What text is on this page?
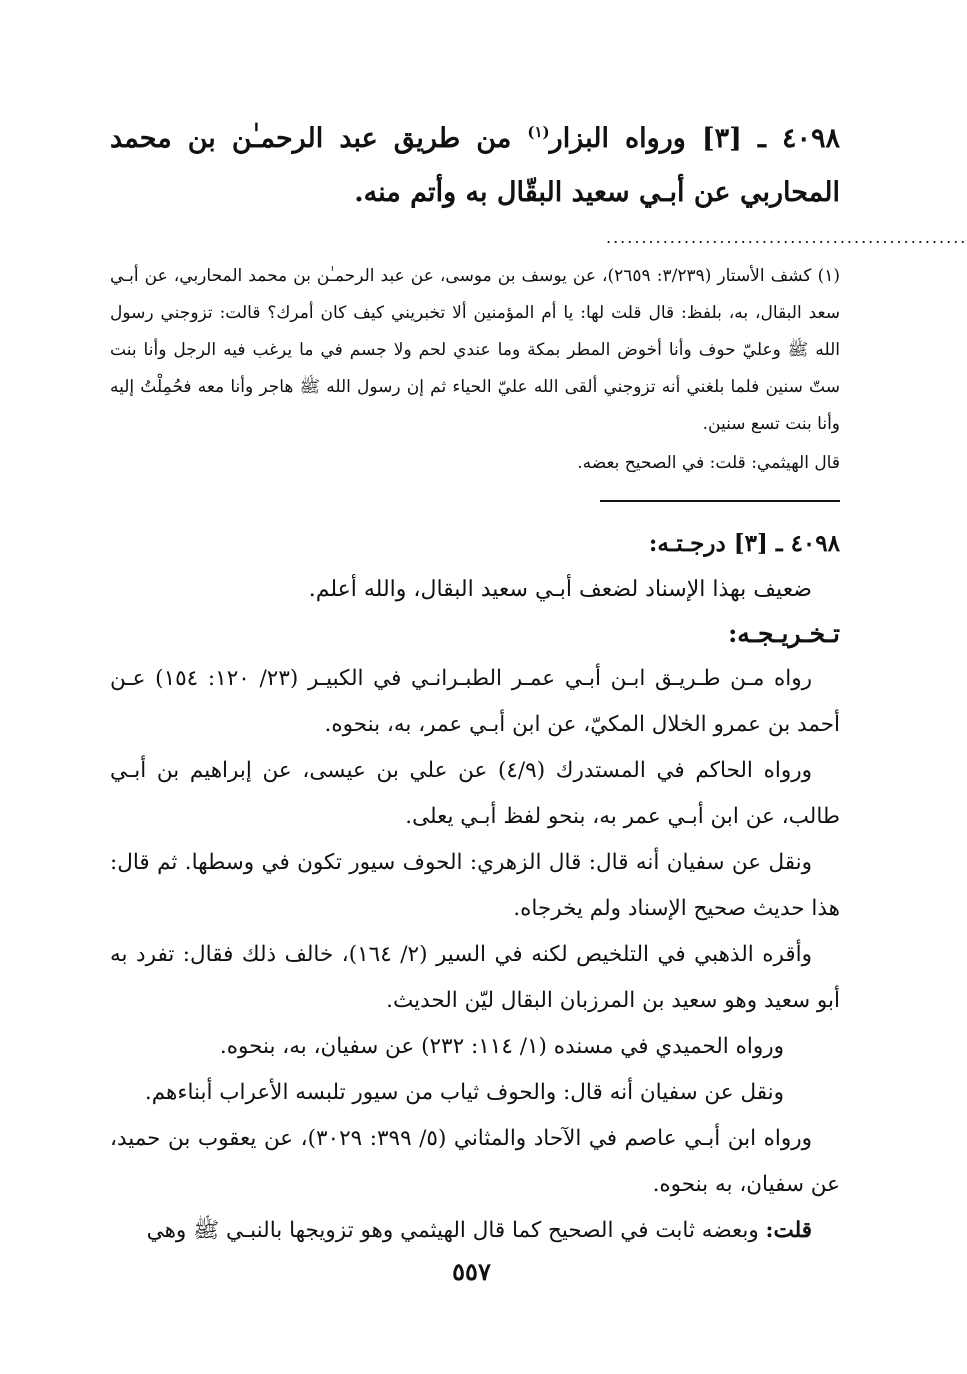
٤٠٩٨ ـ [٣] ورواه البزار$^{(١)}$ من طريق عبد الرحمـٰن بن محمد المحاربي عن أبـي سعيد البقّال به وأتم منه.
...................................................
(١) كشف الأستار (٣/٢٣٩: ٢٦٥٩)، عن يوسف بن موسى، عن عبد الرحمـٰن بن محمد المحاربي، عن أبـي سعد البقال، به، بلفظ: قال قلت لها: يا أم المؤمنين ألا تخبريني كيف كان أمرك؟ قالت: تزوجني رسول الله ﷺ وعليّ حوف وأنا أخوض المطر بمكة وما عندي لحم ولا جسم في ما يرغب فيه الرجل وأنا بنت ستّ سنين فلما بلغني أنه تزوجني ألقى الله عليّ الحياء ثم إن رسول الله ﷺ هاجر وأنا معه فحُمِلْتُ إليه وأنا بنت تسع سنين.
قال الهيثمي: قلت: في الصحيح بعضه.
٤٠٩٨ ـ [٣] درجـتـه:

ضعيف بهذا الإسناد لضعف أبـي سعيد البقال، والله أعلم.

تـخـريـجـه:

رواه مـن طـريـق ابـن أبـي عمـر الطبـرانـي في الكبيـر (٢٣/ ١٢٠: ١٥٤) عـن أحمد بن عمرو الخلال المكيّ، عن ابن أبـي عمر، به، بنحوه.

ورواه الحاكم في المستدرك (٤/٩) عن علي بن عيسى، عن إبراهيم بن أبـي طالب، عن ابن أبـي عمر به، بنحو لفظ أبـي يعلى.

ونقل عن سفيان أنه قال: قال الزهري: الحوف سيور تكون في وسطها. ثم قال: هذا حديث صحيح الإسناد ولم يخرجاه.

وأقره الذهبي في التلخيص لكنه في السير (٢/ ١٦٤)، خالف ذلك فقال: تفرد به أبو سعيد وهو سعيد بن المرزبان البقال ليّن الحديث.

ورواه الحميدي في مسنده (١/ ١١٤: ٢٣٢) عن سفيان، به، بنحوه.

ونقل عن سفيان أنه قال: والحوف ثياب من سيور تلبسه الأعراب أبناءهم.

ورواه ابن أبـي عاصم في الآحاد والمثاني (٥/ ٣٩٩: ٣٠٢٩)، عن يعقوب بن حميد، عن سفيان، به بنحوه.

قلت: وبعضه ثابت في الصحيح كما قال الهيثمي وهو تزويجها بالنبـي ﷺ وهي

٥٥٧
